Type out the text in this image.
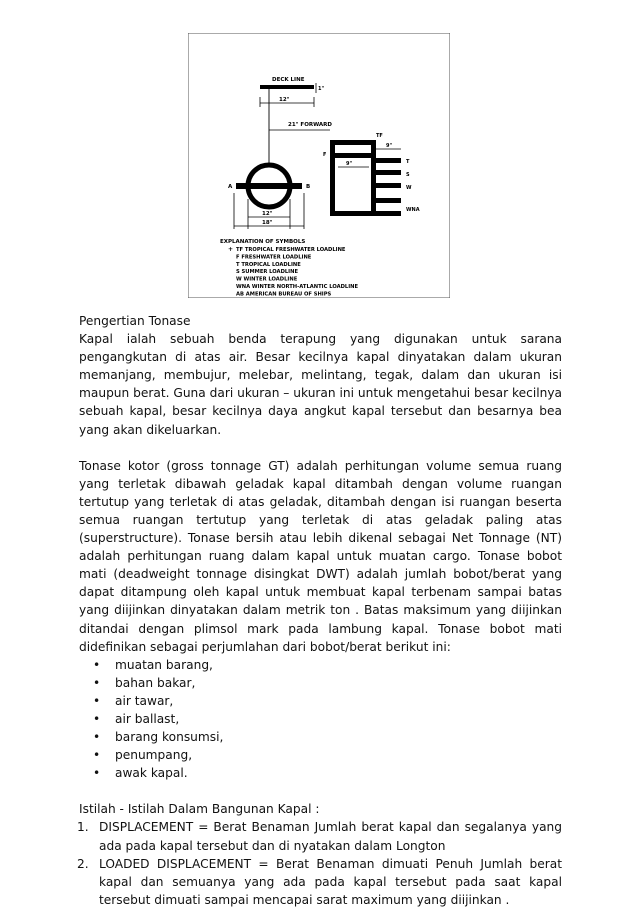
DECK LINE
1"
12"
21" FORWARD
A	B
12"
18"
F
TF
T
S
W
WNA
9"
9"
EXPLANATION OF SYMBOLS
+ TF TROPICAL FRESHWATER LOADLINE
F FRESHWATER LOADLINE
T TROPICAL LOADLINE
S SUMMER LOADLINE
W WINTER LOADLINE
WNA WINTER NORTH-ATLANTIC LOADLINE
AB AMERICAN BUREAU OF SHIPS

Pengertian Tonase

Kapal ialah sebuah benda terapung yang digunakan untuk sarana pengangkutan di atas air. Besar kecilnya kapal dinyatakan dalam ukuran memanjang, membujur, melebar, melintang, tegak, dalam dan ukuran isi maupun berat. Guna dari ukuran – ukuran ini untuk mengetahui besar kecilnya sebuah kapal, besar kecilnya daya angkut kapal tersebut dan besarnya bea yang akan dikeluarkan.

Tonase kotor (gross tonnage GT) adalah perhitungan volume semua ruang yang terletak dibawah geladak kapal ditambah dengan volume ruangan tertutup yang terletak di atas geladak, ditambah dengan isi ruangan beserta semua ruangan tertutup yang terletak di atas geladak paling atas (superstructure). Tonase bersih atau lebih dikenal sebagai Net Tonnage (NT) adalah perhitungan ruang dalam kapal untuk muatan cargo. Tonase bobot mati (deadweight tonnage disingkat DWT) adalah jumlah bobot/berat yang dapat ditampung oleh kapal untuk membuat kapal terbenam sampai batas yang diijinkan dinyatakan dalam metrik ton . Batas maksimum yang diijinkan ditandai dengan plimsol mark pada lambung kapal. Tonase bobot mati didefinikan sebagai perjumlahan dari bobot/berat berikut ini:

• muatan barang,
• bahan bakar,
• air tawar,
• air ballast,
• barang konsumsi,
• penumpang,
• awak kapal.

Istilah - Istilah Dalam Bangunan Kapal :

1. DISPLACEMENT = Berat Benaman Jumlah berat kapal dan segalanya yang ada pada kapal tersebut dan di nyatakan dalam Longton
2. LOADED DISPLACEMENT = Berat Benaman dimuati Penuh Jumlah berat kapal dan semuanya yang ada pada kapal tersebut pada saat kapal tersebut dimuati sampai mencapai sarat maximum yang diijinkan .
